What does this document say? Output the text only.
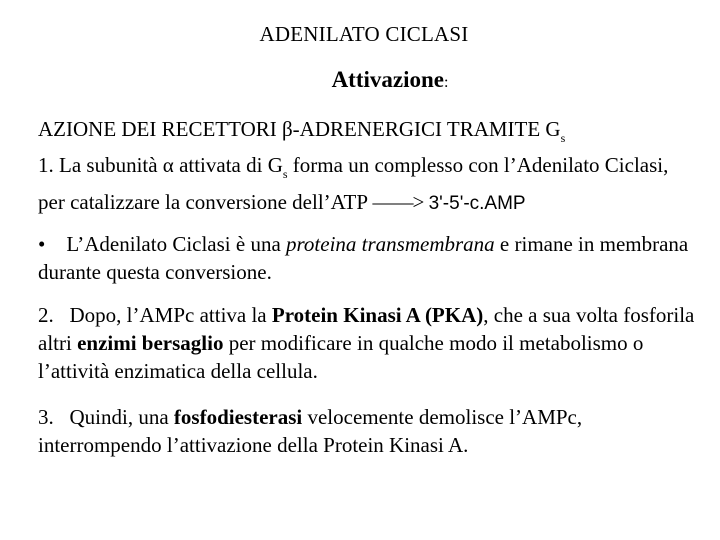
ADENILATO CICLASI
Attivazione:
AZIONE DEI RECETTORI β-ADRENERGICI TRAMITE $G_s$
1. La subunità α attivata di $G_s$ forma un complesso con l’Adenilato Ciclasi, per catalizzare la conversione dell’ATP ——> 3'-5'-c.AMP
• L’Adenilato Ciclasi è una proteina transmembrana e rimane in membrana durante questa conversione.
2. Dopo, l’AMPc attiva la Protein Kinasi A (PKA), che a sua volta fosforila altri enzimi bersaglio per modificare in qualche modo il metabolismo o l’attività enzimatica della cellula.
3. Quindi, una fosfodiesterasi velocemente demolisce l’AMPc, interrompendo l’attivazione della Protein Kinasi A.
